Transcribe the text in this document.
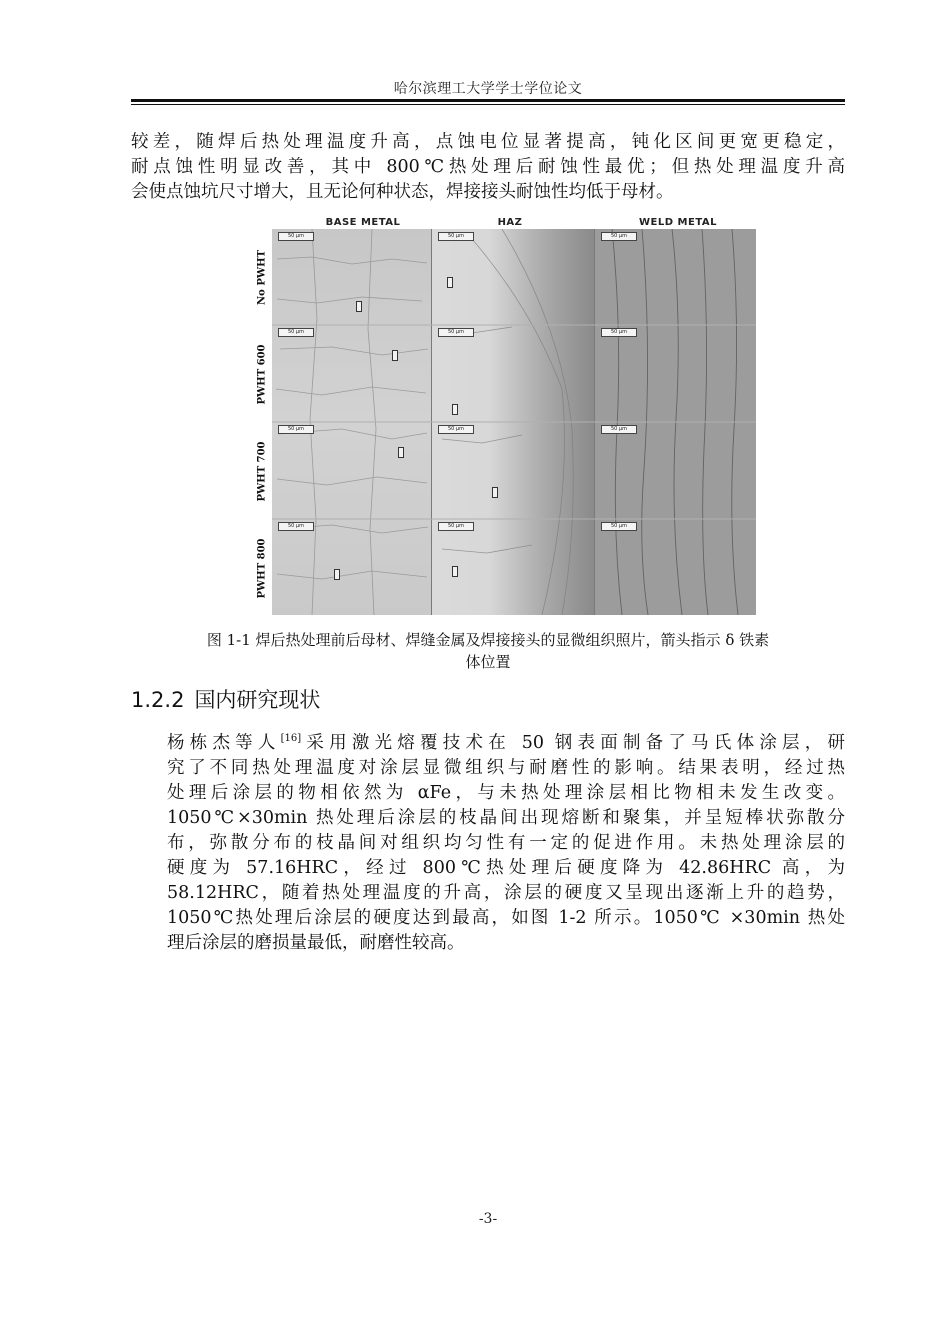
哈尔滨理工大学学士学位论文

较差，随焊后热处理温度升高，点蚀电位显著提高，钝化区间更宽更稳定，
耐点蚀性明显改善，其中 800℃热处理后耐蚀性最优；但热处理温度升高
会使点蚀坑尺寸增大，且无论何种状态，焊接接头耐蚀性均低于母材。

BASE METAL	HAZ	WELD METAL
50 μm	50 μm	50 μm
50 μm	50 μm	50 μm
50 μm	50 μm	50 μm
50 μm	50 μm	50 μm
No PWHT
PWHT 600
PWHT 700
PWHT 800
图 1-1 焊后热处理前后母材、焊缝金属及焊接接头的显微组织照片，箭头指示 δ 铁素
体位置
1.2.2 国内研究现状

杨栋杰等人[16]采用激光熔覆技术在 50 钢表面制备了马氏体涂层，研
究了不同热处理温度对涂层显微组织与耐磨性的影响。结果表明，经过热
处理后涂层的物相依然为 αFe，与未热处理涂层相比物相未发生改变。
1050℃×30min 热处理后涂层的枝晶间出现熔断和聚集，并呈短棒状弥散分
布，弥散分布的枝晶间对组织均匀性有一定的促进作用。未热处理涂层的
硬度为 57.16HRC，经过 800℃热处理后硬度降为 42.86HRC 高，为
58.12HRC，随着热处理温度的升高，涂层的硬度又呈现出逐渐上升的趋势，
1050℃热处理后涂层的硬度达到最高，如图 1-2 所示。1050℃ ×30min 热处
理后涂层的磨损量最低，耐磨性较高。

-3-
